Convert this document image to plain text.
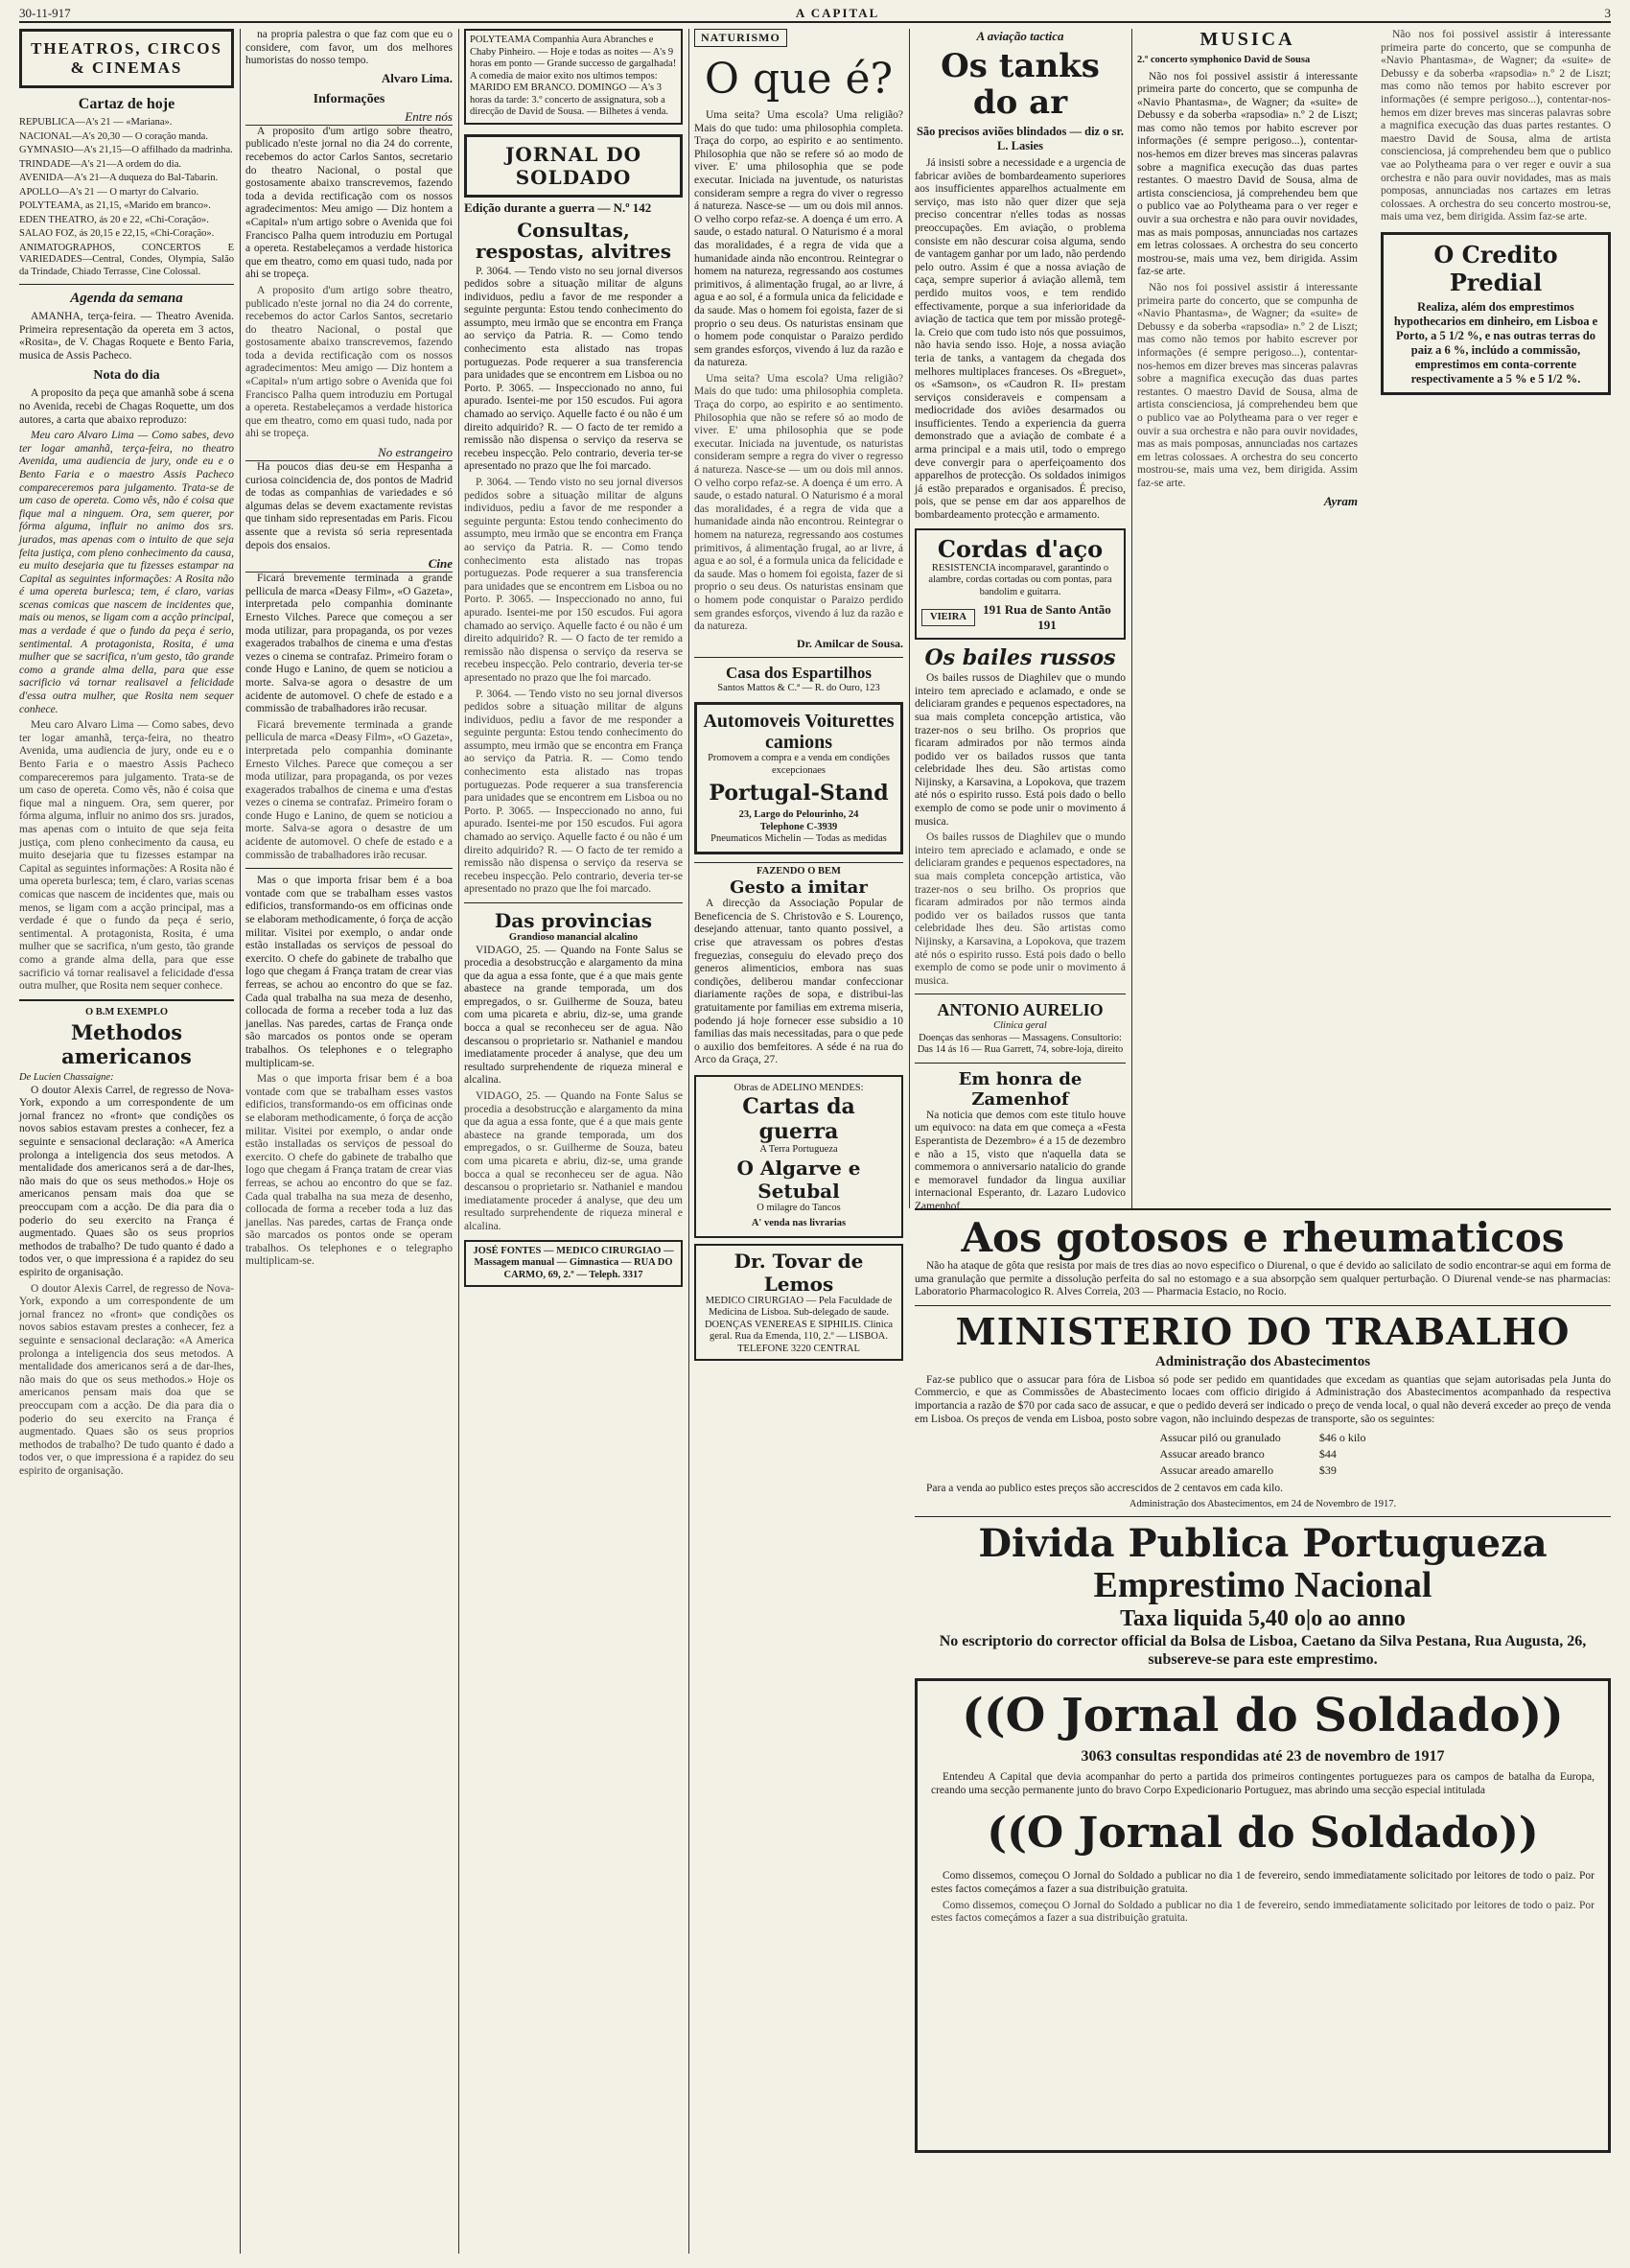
30-11-917	A CAPITAL	3
THEATROS, CIRCOS & CINEMAS
Cartaz de hoje

REPUBLICA—A's 21 — «Mariana».

NACIONAL—A's 20,30 — O coração manda.

GYMNASIO—A's 21,15—O affilhado da madrinha.

TRINDADE—A's 21—A ordem do dia.

AVENIDA—A's 21—A duqueza do Bal-Tabarin.

APOLLO—A's 21 — O martyr do Calvario.

POLYTEAMA, as 21,15, «Marido em branco».

EDEN THEATRO, ás 20 e 22, «Chi-Coração».

SALAO FOZ, ás 20,15 e 22,15, «Chi-Coração».

ANIMATOGRAPHOS, CONCERTOS E VARIEDADES—Central, Condes, Olympia, Salão da Trindade, Chiado Terrasse, Cine Colossal.

Agenda da semana

AMANHA, terça-feira. — Theatro Avenida. Primeira representação da opereta em 3 actos, «Rosita», de V. Chagas Roquete e Bento Faria, musica de Assis Pacheco.

Nota do dia

A proposito da peça que amanhã sobe á scena no Avenida, recebi de Chagas Roquette, um dos autores, a carta que abaixo reproduzo:

Meu caro Alvaro Lima — Como sabes, devo ter logar amanhã, terça-feira, no theatro Avenida, uma audiencia de jury, onde eu e o Bento Faria e o maestro Assis Pacheco compareceremos para julgamento. Trata-se de um caso de opereta. Como vês, não é coisa que fique mal a ninguem. Ora, sem querer, por fórma alguma, influir no animo dos srs. jurados, mas apenas com o intuito de que seja feita justiça, com pleno conhecimento da causa, eu muito desejaria que tu fizesses estampar na Capital as seguintes informações: A Rosita não é uma opereta burlesca; tem, é claro, varias scenas comicas que nascem de incidentes que, mais ou menos, se ligam com a acção principal, mas a verdade é que o fundo da peça é serio, sentimental. A protagonista, Rosita, é uma mulher que se sacrifica, n'um gesto, tão grande como a grande alma della, para que esse sacrificio vá tornar realisavel a felicidade d'essa outra mulher, que Rosita nem sequer conhece.

Meu caro Alvaro Lima — Como sabes, devo ter logar amanhã, terça-feira, no theatro Avenida, uma audiencia de jury, onde eu e o Bento Faria e o maestro Assis Pacheco compareceremos para julgamento. Trata-se de um caso de opereta. Como vês, não é coisa que fique mal a ninguem. Ora, sem querer, por fórma alguma, influir no animo dos srs. jurados, mas apenas com o intuito de que seja feita justiça, com pleno conhecimento da causa, eu muito desejaria que tu fizesses estampar na Capital as seguintes informações: A Rosita não é uma opereta burlesca; tem, é claro, varias scenas comicas que nascem de incidentes que, mais ou menos, se ligam com a acção principal, mas a verdade é que o fundo da peça é serio, sentimental. A protagonista, Rosita, é uma mulher que se sacrifica, n'um gesto, tão grande como a grande alma della, para que esse sacrificio vá tornar realisavel a felicidade d'essa outra mulher, que Rosita nem sequer conhece.

O B.M EXEMPLO
Methodos americanos
De Lucien Chassaigne:

O doutor Alexis Carrel, de regresso de Nova-York, expondo a um correspondente de um jornal francez no «front» que condições os novos sabios estavam prestes a conhecer, fez a seguinte e sensacional declaração: «A America prolonga a inteligencia dos seus metodos. A mentalidade dos americanos será a de dar-lhes, não mais do que os seus methodos.» Hoje os americanos pensam mais doa que se preoccupam com a acção. De dia para dia o poderio do seu exercito na França é augmentado. Quaes são os seus proprios methodos de trabalho? De tudo quanto é dado a todos ver, o que impressiona é a rapidez do seu espirito de organisação.

O doutor Alexis Carrel, de regresso de Nova-York, expondo a um correspondente de um jornal francez no «front» que condições os novos sabios estavam prestes a conhecer, fez a seguinte e sensacional declaração: «A America prolonga a inteligencia dos seus metodos. A mentalidade dos americanos será a de dar-lhes, não mais do que os seus methodos.» Hoje os americanos pensam mais doa que se preoccupam com a acção. De dia para dia o poderio do seu exercito na França é augmentado. Quaes são os seus proprios methodos de trabalho? De tudo quanto é dado a todos ver, o que impressiona é a rapidez do seu espirito de organisação.

na propria palestra o que faz com que eu o considere, com favor, um dos melhores humoristas do nosso tempo.

Alvaro Lima.
Informações
Entre nós

A proposito d'um artigo sobre theatro, publicado n'este jornal no dia 24 do corrente, recebemos do actor Carlos Santos, secretario do theatro Nacional, o postal que gostosamente abaixo transcrevemos, fazendo toda a devida rectificação com os nossos agradecimentos: Meu amigo — Diz hontem a «Capital» n'um artigo sobre o Avenida que foi Francisco Palha quem introduziu em Portugal a opereta. Restabeleçamos a verdade historica que em theatro, como em quasi tudo, nada por ahi se tropeça.

A proposito d'um artigo sobre theatro, publicado n'este jornal no dia 24 do corrente, recebemos do actor Carlos Santos, secretario do theatro Nacional, o postal que gostosamente abaixo transcrevemos, fazendo toda a devida rectificação com os nossos agradecimentos: Meu amigo — Diz hontem a «Capital» n'um artigo sobre o Avenida que foi Francisco Palha quem introduziu em Portugal a opereta. Restabeleçamos a verdade historica que em theatro, como em quasi tudo, nada por ahi se tropeça.

No estrangeiro

Ha poucos dias deu-se em Hespanha a curiosa coincidencia de, dos pontos de Madrid de todas as companhias de variedades e só algumas delas se devem exactamente revistas que tinham sido representadas em Paris. Ficou assente que a revista só seria representada depois dos ensaios.

Cine

Ficará brevemente terminada a grande pellicula de marca «Deasy Film», «O Gazeta», interpretada pelo companhia dominante Ernesto Vilches. Parece que começou a ser moda utilizar, para propaganda, os por vezes exagerados trabalhos de cinema e uma d'estas vezes o cinema se contrafaz. Primeiro foram o conde Hugo e Lanino, de quem se noticiou a morte. Salva-se agora o desastre de um acidente de automovel. O chefe de estado e a commissão de trabalhadores irão recusar.

Ficará brevemente terminada a grande pellicula de marca «Deasy Film», «O Gazeta», interpretada pelo companhia dominante Ernesto Vilches. Parece que começou a ser moda utilizar, para propaganda, os por vezes exagerados trabalhos de cinema e uma d'estas vezes o cinema se contrafaz. Primeiro foram o conde Hugo e Lanino, de quem se noticiou a morte. Salva-se agora o desastre de um acidente de automovel. O chefe de estado e a commissão de trabalhadores irão recusar.

Mas o que importa frisar bem é a boa vontade com que se trabalham esses vastos edificios, transformando-os em officinas onde se elaboram methodicamente, ó força de acção militar. Visitei por exemplo, o andar onde estão installadas os serviços de pessoal do exercito. O chefe do gabinete de trabalho que logo que chegam á França tratam de crear vias ferreas, se achou ao encontro do que se faz. Cada qual trabalha na sua meza de desenho, collocada de forma a receber toda a luz das janellas. Nas paredes, cartas de França onde são marcados os pontos onde se operam trabalhos. Os telephones e o telegrapho multiplicam-se.

Mas o que importa frisar bem é a boa vontade com que se trabalham esses vastos edificios, transformando-os em officinas onde se elaboram methodicamente, ó força de acção militar. Visitei por exemplo, o andar onde estão installadas os serviços de pessoal do exercito. O chefe do gabinete de trabalho que logo que chegam á França tratam de crear vias ferreas, se achou ao encontro do que se faz. Cada qual trabalha na sua meza de desenho, collocada de forma a receber toda a luz das janellas. Nas paredes, cartas de França onde são marcados os pontos onde se operam trabalhos. Os telephones e o telegrapho multiplicam-se.

POLYTEAMA Companhia Aura Abranches e Chaby Pinheiro. — Hoje e todas as noites — A's 9 horas em ponto — Grande successo de gargalhada! A comedia de maior exito nos ultimos tempos: MARIDO EM BRANCO. DOMINGO — A's 3 horas da tarde: 3.º concerto de assignatura, sob a direcção de David de Sousa. — Bilhetes á venda.
JORNAL DO SOLDADO
Edição durante a guerra — N.º 142
Consultas, respostas, alvitres

P. 3064. — Tendo visto no seu jornal diversos pedidos sobre a situação militar de alguns individuos, pediu a favor de me responder a seguinte pergunta: Estou tendo conhecimento do assumpto, meu irmão que se encontra em França ao serviço da Patria. R. — Como tendo conhecimento esta alistado nas tropas portuguezas. Pode requerer a sua transferencia para unidades que se encontrem em Lisboa ou no Porto. P. 3065. — Inspeccionado no anno, fui apurado. Isentei-me por 150 escudos. Fui agora chamado ao serviço. Aquelle facto é ou não é um direito adquirido? R. — O facto de ter remido a remissão não dispensa o serviço da reserva se recebeu inspecção. Pelo contrario, deveria ter-se apresentado no prazo que lhe foi marcado.

P. 3064. — Tendo visto no seu jornal diversos pedidos sobre a situação militar de alguns individuos, pediu a favor de me responder a seguinte pergunta: Estou tendo conhecimento do assumpto, meu irmão que se encontra em França ao serviço da Patria. R. — Como tendo conhecimento esta alistado nas tropas portuguezas. Pode requerer a sua transferencia para unidades que se encontrem em Lisboa ou no Porto. P. 3065. — Inspeccionado no anno, fui apurado. Isentei-me por 150 escudos. Fui agora chamado ao serviço. Aquelle facto é ou não é um direito adquirido? R. — O facto de ter remido a remissão não dispensa o serviço da reserva se recebeu inspecção. Pelo contrario, deveria ter-se apresentado no prazo que lhe foi marcado.

P. 3064. — Tendo visto no seu jornal diversos pedidos sobre a situação militar de alguns individuos, pediu a favor de me responder a seguinte pergunta: Estou tendo conhecimento do assumpto, meu irmão que se encontra em França ao serviço da Patria. R. — Como tendo conhecimento esta alistado nas tropas portuguezas. Pode requerer a sua transferencia para unidades que se encontrem em Lisboa ou no Porto. P. 3065. — Inspeccionado no anno, fui apurado. Isentei-me por 150 escudos. Fui agora chamado ao serviço. Aquelle facto é ou não é um direito adquirido? R. — O facto de ter remido a remissão não dispensa o serviço da reserva se recebeu inspecção. Pelo contrario, deveria ter-se apresentado no prazo que lhe foi marcado.

Das provincias
Grandioso manancial alcalino

VIDAGO, 25. — Quando na Fonte Salus se procedia a desobstrucção e alargamento da mina que da agua a essa fonte, que é a que mais gente abastece na grande temporada, um dos empregados, o sr. Guilherme de Souza, bateu com uma picareta e abriu, diz-se, uma grande bocca a qual se reconheceu ser de agua. Não descansou o proprietario sr. Nathaniel e mandou imediatamente proceder á analyse, que deu um resultado surprehendente de riqueza mineral e alcalina.

VIDAGO, 25. — Quando na Fonte Salus se procedia a desobstrucção e alargamento da mina que da agua a essa fonte, que é a que mais gente abastece na grande temporada, um dos empregados, o sr. Guilherme de Souza, bateu com uma picareta e abriu, diz-se, uma grande bocca a qual se reconheceu ser de agua. Não descansou o proprietario sr. Nathaniel e mandou imediatamente proceder á analyse, que deu um resultado surprehendente de riqueza mineral e alcalina.

JOSÉ FONTES — MEDICO CIRURGIAO — Massagem manual — Gimnastica — RUA DO CARMO, 69, 2.º — Teleph. 3317
NATURISMO
O que é?

Uma seita? Uma escola? Uma religião? Mais do que tudo: uma philosophia completa. Traça do corpo, ao espirito e ao sentimento. Philosophia que não se refere só ao modo de viver. E' uma philosophia que se pode executar. Iniciada na juventude, os naturistas consideram sempre a regra do viver o regresso á natureza. Nasce-se — um ou dois mil annos. O velho corpo refaz-se. A doença é um erro. A saude, o estado natural. O Naturismo é a moral das moralidades, é a regra de vida que a humanidade ainda não encontrou. Reintegrar o homem na natureza, regressando aos costumes primitivos, á alimentação frugal, ao ar livre, á agua e ao sol, é a formula unica da felicidade e da saude. Mas o homem foi egoista, fazer de si proprio o seu deus. Os naturistas ensinam que o homem pode conquistar o Paraizo perdido sem grandes esforços, vivendo á luz da razão e da natureza.

Uma seita? Uma escola? Uma religião? Mais do que tudo: uma philosophia completa. Traça do corpo, ao espirito e ao sentimento. Philosophia que não se refere só ao modo de viver. E' uma philosophia que se pode executar. Iniciada na juventude, os naturistas consideram sempre a regra do viver o regresso á natureza. Nasce-se — um ou dois mil annos. O velho corpo refaz-se. A doença é um erro. A saude, o estado natural. O Naturismo é a moral das moralidades, é a regra de vida que a humanidade ainda não encontrou. Reintegrar o homem na natureza, regressando aos costumes primitivos, á alimentação frugal, ao ar livre, á agua e ao sol, é a formula unica da felicidade e da saude. Mas o homem foi egoista, fazer de si proprio o seu deus. Os naturistas ensinam que o homem pode conquistar o Paraizo perdido sem grandes esforços, vivendo á luz da razão e da natureza.

Dr. Amilcar de Sousa.
Casa dos Espartilhos
Santos Mattos & C.ª — R. do Ouro, 123
Automoveis Voiturettes camions
Promovem a compra e a venda em condições excepcionaes
Portugal-Stand
23, Largo do Pelourinho, 24
Telephone C-3939
Pneumaticos Michelin — Todas as medidas
FAZENDO O BEM
Gesto a imitar

A direcção da Associação Popular de Beneficencia de S. Christovão e S. Lourenço, desejando attenuar, tanto quanto possivel, a crise que atravessam os pobres d'estas freguezias, conseguiu do elevado preço dos generos alimenticios, embora nas suas condições, deliberou mandar confeccionar diariamente rações de sopa, e distribui-las gratuitamente por familias em extrema miseria, podendo já hoje fornecer esse subsidio a 10 familias das mais necessitadas, para o que pede o auxilio dos bemfeitores. A séde é na rua do Arco da Graça, 27.

Obras de ADELINO MENDES:
Cartas da guerra
A Terra Portugueza
O Algarve e Setubal
O milagre do Tancos
A' venda nas livrarias
Dr. Tovar de Lemos
MEDICO CIRURGIAO — Pela Faculdade de Medicina de Lisboa. Sub-delegado de saude. DOENÇAS VENEREAS E SIPHILIS. Clinica geral. Rua da Emenda, 110, 2.º — LISBOA. TELEFONE 3220 CENTRAL
A aviação tactica
Os tanks do ar
São precisos aviões blindados — diz o sr. L. Lasies

Já insisti sobre a necessidade e a urgencia de fabricar aviões de bombardeamento superiores aos insufficientes apparelhos actualmente em serviço, mas isto não quer dizer que seja preciso concentrar n'elles todas as nossas preoccupações. Em aviação, o problema consiste em não descurar coisa alguma, sendo de vantagem ganhar por um lado, não perdendo pelo outro. Assim é que a nossa aviação de caça, sempre superior á aviação allemã, tem perdido muitos voos, e tem rendido effectivamente, porque a sua inferioridade da aviação de tactica que tem por missão protegê-la. Creio que com tudo isto nós que possuimos, não havia sendo isso. Hoje, a nossa aviação teria de tanks, a vantagem da chegada dos melhores multiplaces franceses. Os «Breguet», os «Samson», os «Caudron R. II» prestam serviços consideraveis e compensam a mediocridade dos aviões desarmados ou insufficientes. Tendo a experiencia da guerra demonstrado que a aviação de combate é a arma principal e a mais util, todo o emprego deve convergir para o aperfeiçoamento dos apparelhos de protecção. Os soldados inimigos já estão preparados e organisados. É preciso, pois, que se pense em dar aos apparelhos de bombardeamento protecção e armamento.

Cordas d'aço
RESISTENCIA incomparavel, garantindo o alambre, cordas cortadas ou com pontas, para bandolim e guitarra.
VIEIRA
191 Rua de Santo Antão 191
Os bailes russos

Os bailes russos de Diaghilev que o mundo inteiro tem apreciado e aclamado, e onde se deliciaram grandes e pequenos espectadores, na sua mais completa concepção artistica, vão trazer-nos o seu brilho. Os proprios que ficaram admirados por não termos ainda podido ver os bailados russos que tanta celebridade lhes deu. São artistas como Nijinsky, a Karsavina, a Lopokova, que trazem até nós o espirito russo. Está pois dado o bello exemplo de como se pode unir o movimento á musica.

Os bailes russos de Diaghilev que o mundo inteiro tem apreciado e aclamado, e onde se deliciaram grandes e pequenos espectadores, na sua mais completa concepção artistica, vão trazer-nos o seu brilho. Os proprios que ficaram admirados por não termos ainda podido ver os bailados russos que tanta celebridade lhes deu. São artistas como Nijinsky, a Karsavina, a Lopokova, que trazem até nós o espirito russo. Está pois dado o bello exemplo de como se pode unir o movimento á musica.

ANTONIO AURELIO
Clinica geral
Doenças das senhoras — Massagens. Consultorio: Das 14 ás 16 — Rua Garrett, 74, sobre-loja, direito
Em honra de Zamenhof

Na noticia que demos com este titulo houve um equivoco: na data em que começa a «Festa Esperantista de Dezembro» é a 15 de dezembro e não a 15, visto que n'aquella data se commemora o anniversario natalicio do grande e memoravel fundador da lingua auxiliar internacional Esperanto, dr. Lazaro Ludovico Zamenhof.

MUSICA
2.º concerto symphonico David de Sousa

Não nos foi possivel assistir á interessante primeira parte do concerto, que se compunha de «Navio Phantasma», de Wagner; da «suite» de Debussy e da soberba «rapsodia» n.º 2 de Liszt; mas como não temos por habito escrever por informações (é sempre perigoso...), contentar-nos-hemos em dizer breves mas sinceras palavras sobre a magnifica execução das duas partes restantes. O maestro David de Sousa, alma de artista conscienciosa, já comprehendeu bem que o publico vae ao Polytheama para o ver reger e ouvir a sua orchestra e não para ouvir novidades, mas as mais pomposas, annunciadas nos cartazes em letras colossaes. A orchestra do seu concerto mostrou-se, mais uma vez, bem dirigida. Assim faz-se arte.

Não nos foi possivel assistir á interessante primeira parte do concerto, que se compunha de «Navio Phantasma», de Wagner; da «suite» de Debussy e da soberba «rapsodia» n.º 2 de Liszt; mas como não temos por habito escrever por informações (é sempre perigoso...), contentar-nos-hemos em dizer breves mas sinceras palavras sobre a magnifica execução das duas partes restantes. O maestro David de Sousa, alma de artista conscienciosa, já comprehendeu bem que o publico vae ao Polytheama para o ver reger e ouvir a sua orchestra e não para ouvir novidades, mas as mais pomposas, annunciadas nos cartazes em letras colossaes. A orchestra do seu concerto mostrou-se, mais uma vez, bem dirigida. Assim faz-se arte.

Ayram

Não nos foi possivel assistir á interessante primeira parte do concerto, que se compunha de «Navio Phantasma», de Wagner; da «suite» de Debussy e da soberba «rapsodia» n.º 2 de Liszt; mas como não temos por habito escrever por informações (é sempre perigoso...), contentar-nos-hemos em dizer breves mas sinceras palavras sobre a magnifica execução das duas partes restantes. O maestro David de Sousa, alma de artista conscienciosa, já comprehendeu bem que o publico vae ao Polytheama para o ver reger e ouvir a sua orchestra e não para ouvir novidades, mas as mais pomposas, annunciadas nos cartazes em letras colossaes. A orchestra do seu concerto mostrou-se, mais uma vez, bem dirigida. Assim faz-se arte.

O Credito Predial
Realiza, além dos emprestimos hypothecarios em dinheiro, em Lisboa e Porto, a 5 1/2 %, e nas outras terras do paiz a 6 %, inclúdo a commissão, emprestimos em conta-corrente respectivamente a 5 % e 5 1/2 %.
Aos gotosos e rheumaticos

Não ha ataque de gôta que resista por mais de tres dias ao novo especifico o Diurenal, o que é devido ao salicilato de sodio encontrar-se aqui em forma de uma granulação que permite a dissolução perfeita do sal no estomago e a sua absorpção sem qualquer perturbação. O Diurenal vende-se nas pharmacias: Laboratorio Pharmacologico R. Alves Correia, 203 — Pharmacia Estacio, no Rocio.

MINISTERIO DO TRABALHO
Administração dos Abastecimentos

Faz-se publico que o assucar para fóra de Lisboa só pode ser pedido em quantidades que excedam as quantias que sejam autorisadas pela Junta do Commercio, e que as Commissões de Abastecimento locaes com officio dirigido á Administração dos Abastecimentos acompanhado da respectiva importancia a razão de $70 por cada saco de assucar, e que o pedido deverá ser indicado o preço de venda local, o qual não deverá exceder ao preço de venda em Lisboa. Os preços de venda em Lisboa, posto sobre vagon, não incluindo despezas de transporte, são os seguintes:

Assucar piló ou granulado	$46 o kilo
Assucar areado branco	$44
Assucar areado amarello	$39

Para a venda ao publico estes preços são accrescidos de 2 centavos em cada kilo.

Administração dos Abastecimentos, em 24 de Novembro de 1917.
Divida Publica Portugueza
Emprestimo Nacional
Taxa liquida 5,40 o|o ao anno
No escriptorio do corrector official da Bolsa de Lisboa, Caetano da Silva Pestana, Rua Augusta, 26, subsereve-se para este emprestimo.
((O Jornal do Soldado))
3063 consultas respondidas até 23 de novembro de 1917

Entendeu A Capital que devia acompanhar do perto a partida dos primeiros contingentes portuguezes para os campos de batalha da Europa, creando uma secção permanente junto do bravo Corpo Expedicionario Portuguez, mas abrindo uma secção especial intitulada

((O Jornal do Soldado))

Como dissemos, começou O Jornal do Soldado a publicar no dia 1 de fevereiro, sendo immediatamente solicitado por leitores de todo o paiz. Por estes factos começámos a fazer a sua distribuição gratuita.

Como dissemos, começou O Jornal do Soldado a publicar no dia 1 de fevereiro, sendo immediatamente solicitado por leitores de todo o paiz. Por estes factos começámos a fazer a sua distribuição gratuita.
